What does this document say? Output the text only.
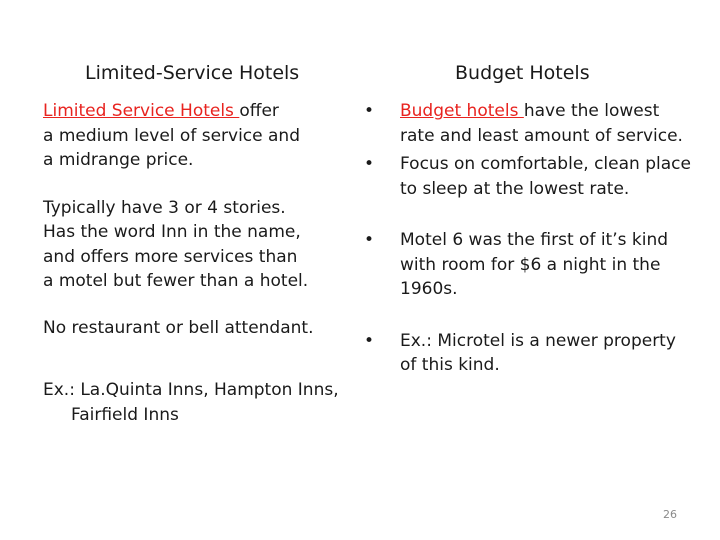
Limited-Service Hotels	Budget Hotels
Limited Service Hotels offer
a medium level of service and
a midrange price.
Typically have 3 or 4 stories.
Has the word Inn in the name,
and offers more services than
a motel but fewer than a hotel.
No restaurant or bell attendant.
Ex.: La.Quinta Inns, Hampton Inns,
Fairfield Inns
• Budget hotels have the lowest
rate and least amount of service.
• Focus on comfortable, clean place
to sleep at the lowest rate.
• Motel 6 was the first of it’s kind
with room for $6 a night in the
1960s.
• Ex.: Microtel is a newer property
of this kind.
26
